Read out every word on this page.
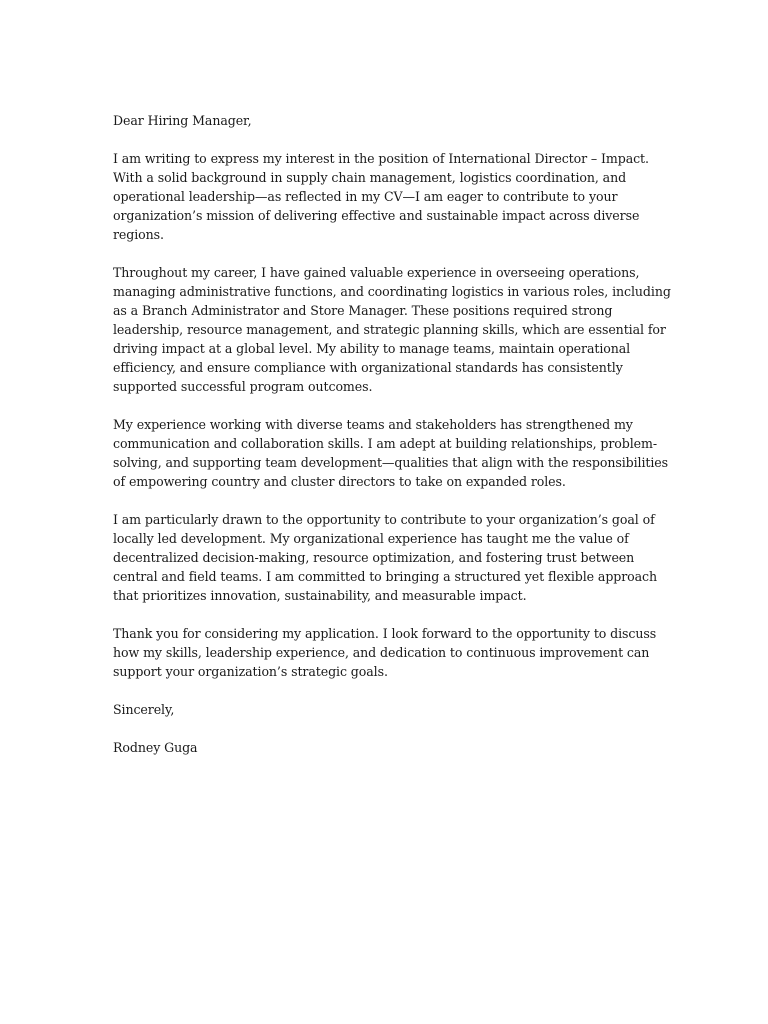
Dear Hiring Manager,

I am writing to express my interest in the position of International Director – Impact. With a solid background in supply chain management, logistics coordination, and operational leadership—as reflected in my CV—I am eager to contribute to your organization’s mission of delivering effective and sustainable impact across diverse regions.

Throughout my career, I have gained valuable experience in overseeing operations, managing administrative functions, and coordinating logistics in various roles, including as a Branch Administrator and Store Manager. These positions required strong leadership, resource management, and strategic planning skills, which are essential for driving impact at a global level. My ability to manage teams, maintain operational efficiency, and ensure compliance with organizational standards has consistently supported successful program outcomes.

My experience working with diverse teams and stakeholders has strengthened my communication and collaboration skills. I am adept at building relationships, problem-solving, and supporting team development—qualities that align with the responsibilities of empowering country and cluster directors to take on expanded roles.

I am particularly drawn to the opportunity to contribute to your organization’s goal of locally led development. My organizational experience has taught me the value of decentralized decision-making, resource optimization, and fostering trust between central and field teams. I am committed to bringing a structured yet flexible approach that prioritizes innovation, sustainability, and measurable impact.

Thank you for considering my application. I look forward to the opportunity to discuss how my skills, leadership experience, and dedication to continuous improvement can support your organization’s strategic goals.

Sincerely,

Rodney Guga
